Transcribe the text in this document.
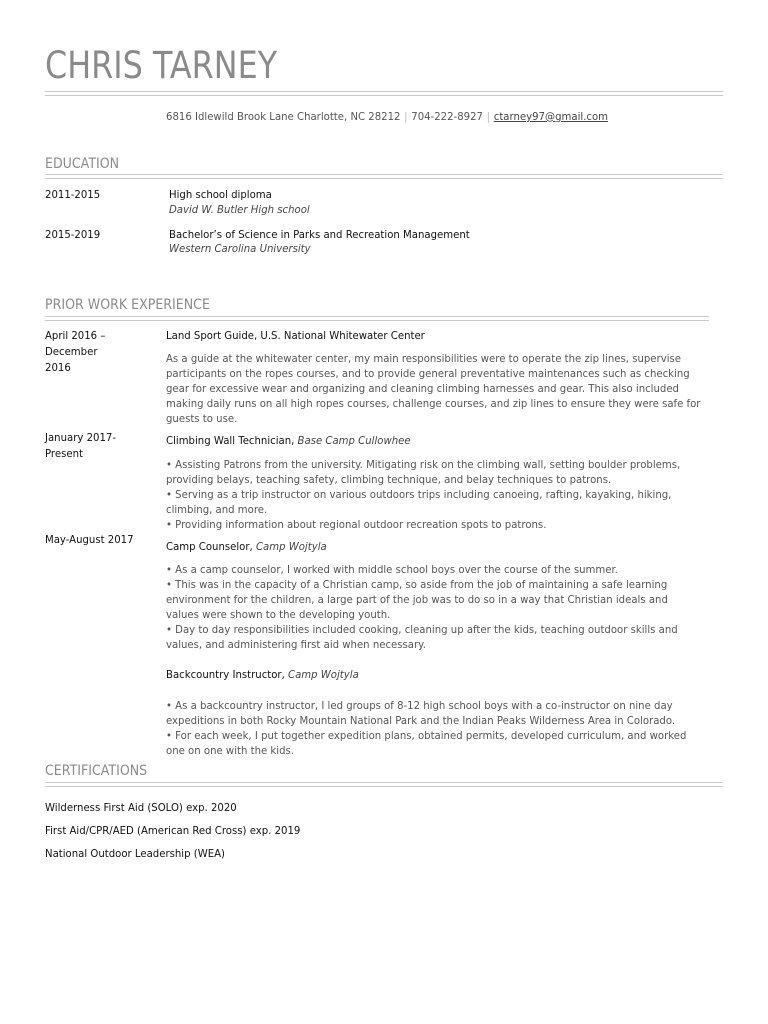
CHRIS TARNEY
6816 Idlewild Brook Lane Charlotte, NC 28212 | 704-222-8927 | ctarney97@gmail.com
EDUCATION
2011-2015	High school diploma
David W. Butler High school
2015-2019	Bachelor’s of Science in Parks and Recreation Management
Western Carolina University
PRIOR WORK EXPERIENCE
April 2016 – December
2016
Land Sport Guide, U.S. National Whitewater Center
As a guide at the whitewater center, my main responsibilities were to operate the zip lines, supervise
participants on the ropes courses, and to provide general preventative maintenances such as checking
gear for excessive wear and organizing and cleaning climbing harnesses and gear. This also included
making daily runs on all high ropes courses, challenge courses, and zip lines to ensure they were safe for
guests to use.
January 2017-
Present
Climbing Wall Technician, Base Camp Cullowhee
• Assisting Patrons from the university. Mitigating risk on the climbing wall, setting boulder problems,
providing belays, teaching safety, climbing technique, and belay techniques to patrons.
• Serving as a trip instructor on various outdoors trips including canoeing, rafting, kayaking, hiking,
climbing, and more.
• Providing information about regional outdoor recreation spots to patrons.
May-August 2017
Camp Counselor, Camp Wojtyla
• As a camp counselor, I worked with middle school boys over the course of the summer.
• This was in the capacity of a Christian camp, so aside from the job of maintaining a safe learning
environment for the children, a large part of the job was to do so in a way that Christian ideals and
values were shown to the developing youth.
• Day to day responsibilities included cooking, cleaning up after the kids, teaching outdoor skills and
values, and administering first aid when necessary.
Backcountry Instructor, Camp Wojtyla
• As a backcountry instructor, I led groups of 8-12 high school boys with a co-instructor on nine day
expeditions in both Rocky Mountain National Park and the Indian Peaks Wilderness Area in Colorado.
• For each week, I put together expedition plans, obtained permits, developed curriculum, and worked
one on one with the kids.
CERTIFICATIONS
Wilderness First Aid (SOLO) exp. 2020
First Aid/CPR/AED (American Red Cross) exp. 2019
National Outdoor Leadership (WEA)
